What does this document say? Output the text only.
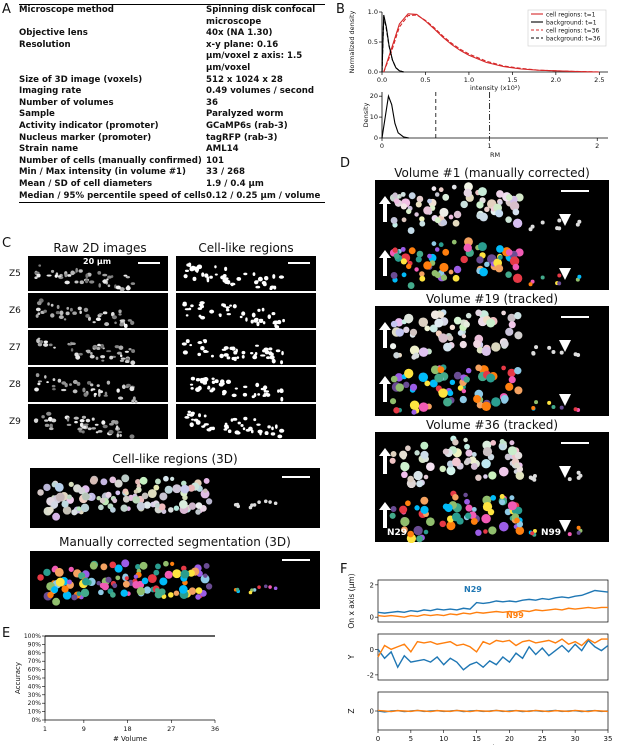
A	B
C
D
E
F
Microscope method	Spinning disk confocal microscope
Objective lens	40x (NA 1.30)
Resolution	x-y plane: 0.16 μm/voxel z axis: 1.5 μm/voxel
Size of 3D image (voxels)	512 x 1024 x 28
Imaging rate	0.49 volumes / second
Number of volumes	36
Sample	Paralyzed worm
Activity indicator (promoter)	GCaMP6s (rab-3)
Nucleus marker (promoter)	tagRFP (rab-3)
Strain name	AML14
Number of cells (manually confirmed) 101
Min / Max intensity (in volume #1)	33 / 268
Mean / SD of cell diameters	1.9 / 0.4 μm
Median / 95% percentile speed of cells 0.12 / 0.25 μm / volume
0.0	0.5	1.0	1.5	2.0	2.5
0.0
0.5
1.0
intensity (x10²)
Normalized density	cell regions: t=1
background: t=1
cell regions: t=36
background: t=36
0	1	2
0
10
20
RM
Density
Raw 2D images	Cell-like regions
Z5
20 μm
Z6
Z7
Z8
Z9
Cell-like regions (3D)
Manually corrected segmentation (3D)
Volume #1 (manually corrected)
Volume #19 (tracked)
Volume #36 (tracked)
N29	N99
0%
10%
20%
30%
40%
50%
60%
70%
80%
90%
100%
1	9	18	27	36
# Volume
Accuracy
0
2
On x axis (μm)
-2
0
Y
0
Z
N29
N99
0	5	10	15	20	25	30	35
